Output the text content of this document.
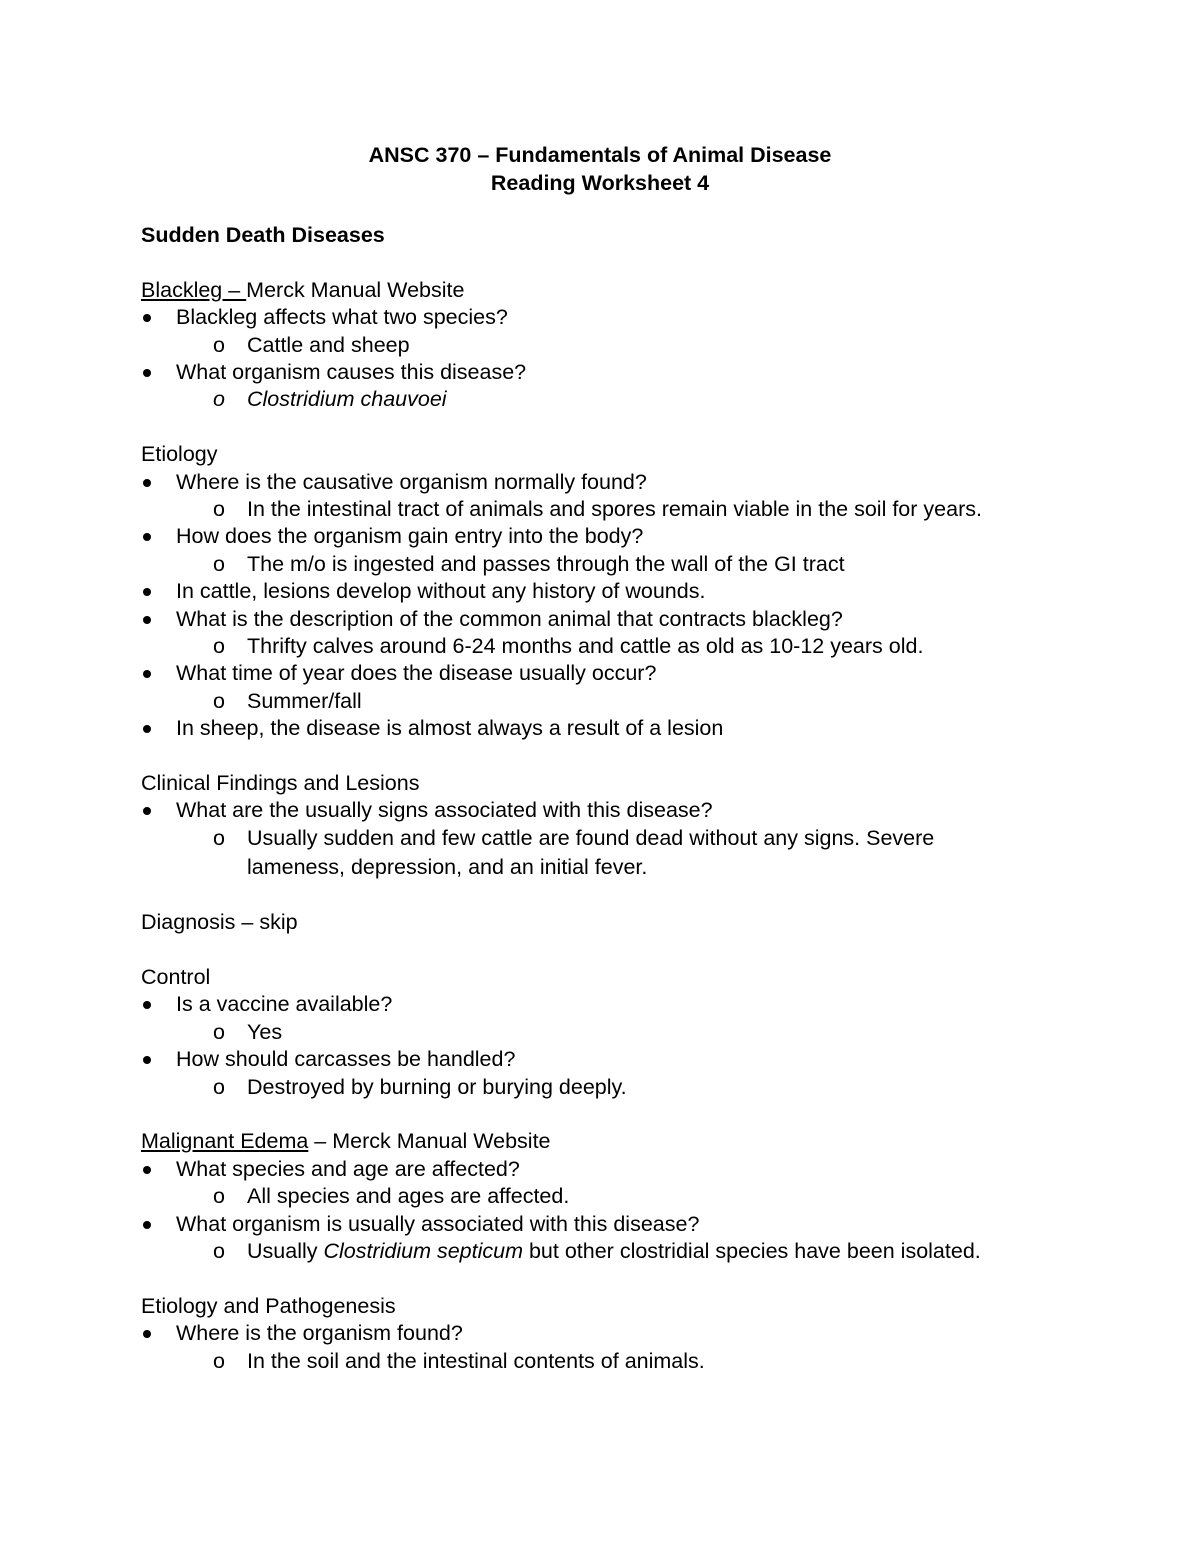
ANSC 370 – Fundamentals of Animal Disease
Reading Worksheet 4
Sudden Death Diseases
Blackleg – Merck Manual Website
Blackleg affects what two species?
o Cattle and sheep
What organism causes this disease?
o Clostridium chauvoei
Etiology
Where is the causative organism normally found?
o In the intestinal tract of animals and spores remain viable in the soil for years.
How does the organism gain entry into the body?
o The m/o is ingested and passes through the wall of the GI tract
In cattle, lesions develop without any history of wounds.
What is the description of the common animal that contracts blackleg?
o Thrifty calves around 6-24 months and cattle as old as 10-12 years old.
What time of year does the disease usually occur?
o Summer/fall
In sheep, the disease is almost always a result of a lesion
Clinical Findings and Lesions
What are the usually signs associated with this disease?
o Usually sudden and few cattle are found dead without any signs. Severe
lameness, depression, and an initial fever.
Diagnosis – skip
Control
Is a vaccine available?
o Yes
How should carcasses be handled?
o Destroyed by burning or burying deeply.
Malignant Edema – Merck Manual Website
What species and age are affected?
o All species and ages are affected.
What organism is usually associated with this disease?
o Usually Clostridium septicum but other clostridial species have been isolated.
Etiology and Pathogenesis
Where is the organism found?
o In the soil and the intestinal contents of animals.
